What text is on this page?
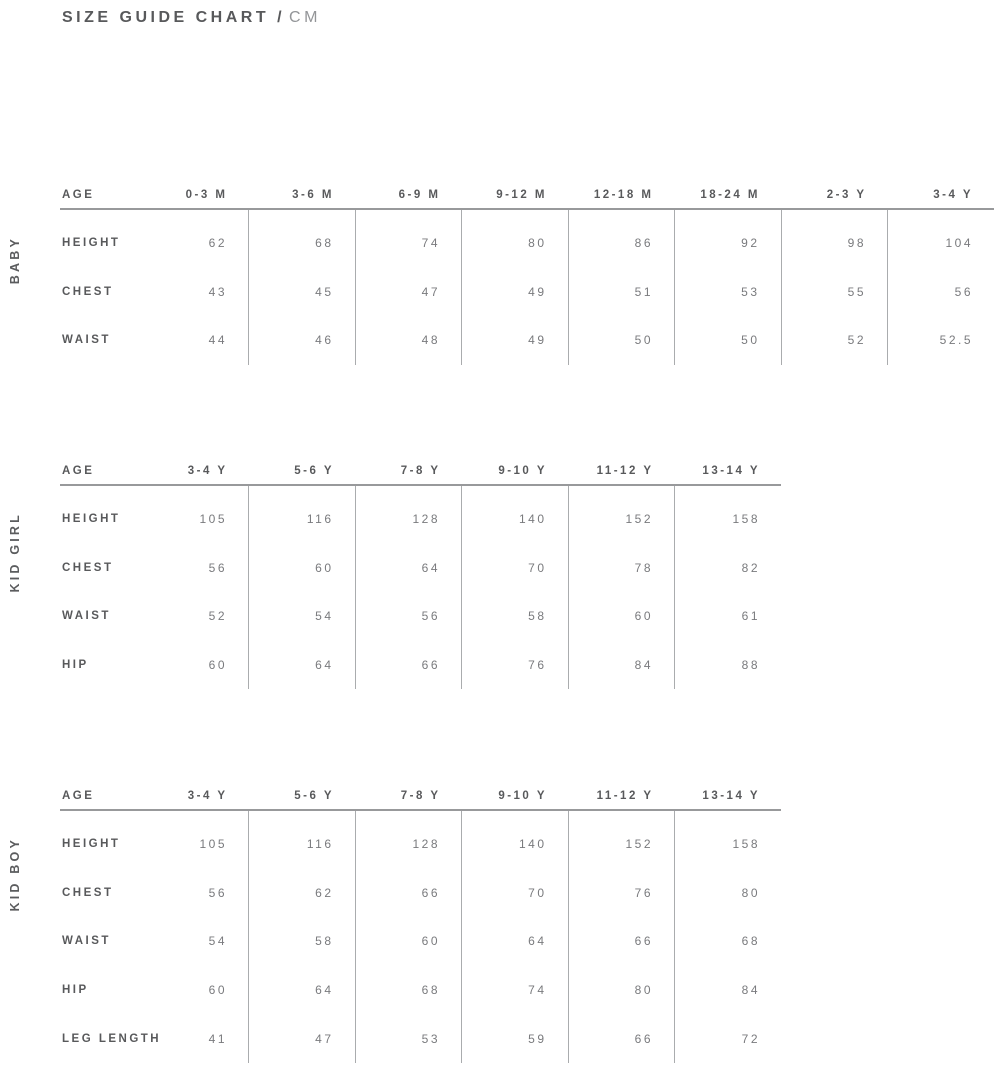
SIZE GUIDE CHART / CM
BABY
AGE	0-3 M	3-6 M	6-9 M	9-12 M	12-18 M	18-24 M	2-3 Y	3-4 Y
HEIGHT	62	68	74	80	86	92	98	104
CHEST	43	45	47	49	51	53	55	56
WAIST	44	46	48	49	50	50	52	52.5
KID GIRL
AGE	3-4 Y	5-6 Y	7-8 Y	9-10 Y	11-12 Y	13-14 Y
HEIGHT	105	116	128	140	152	158
CHEST	56	60	64	70	78	82
WAIST	52	54	56	58	60	61
HIP	60	64	66	76	84	88
KID BOY
AGE	3-4 Y	5-6 Y	7-8 Y	9-10 Y	11-12 Y	13-14 Y
HEIGHT	105	116	128	140	152	158
CHEST	56	62	66	70	76	80
WAIST	54	58	60	64	66	68
HIP	60	64	68	74	80	84
LEG LENGTH	41	47	53	59	66	72
